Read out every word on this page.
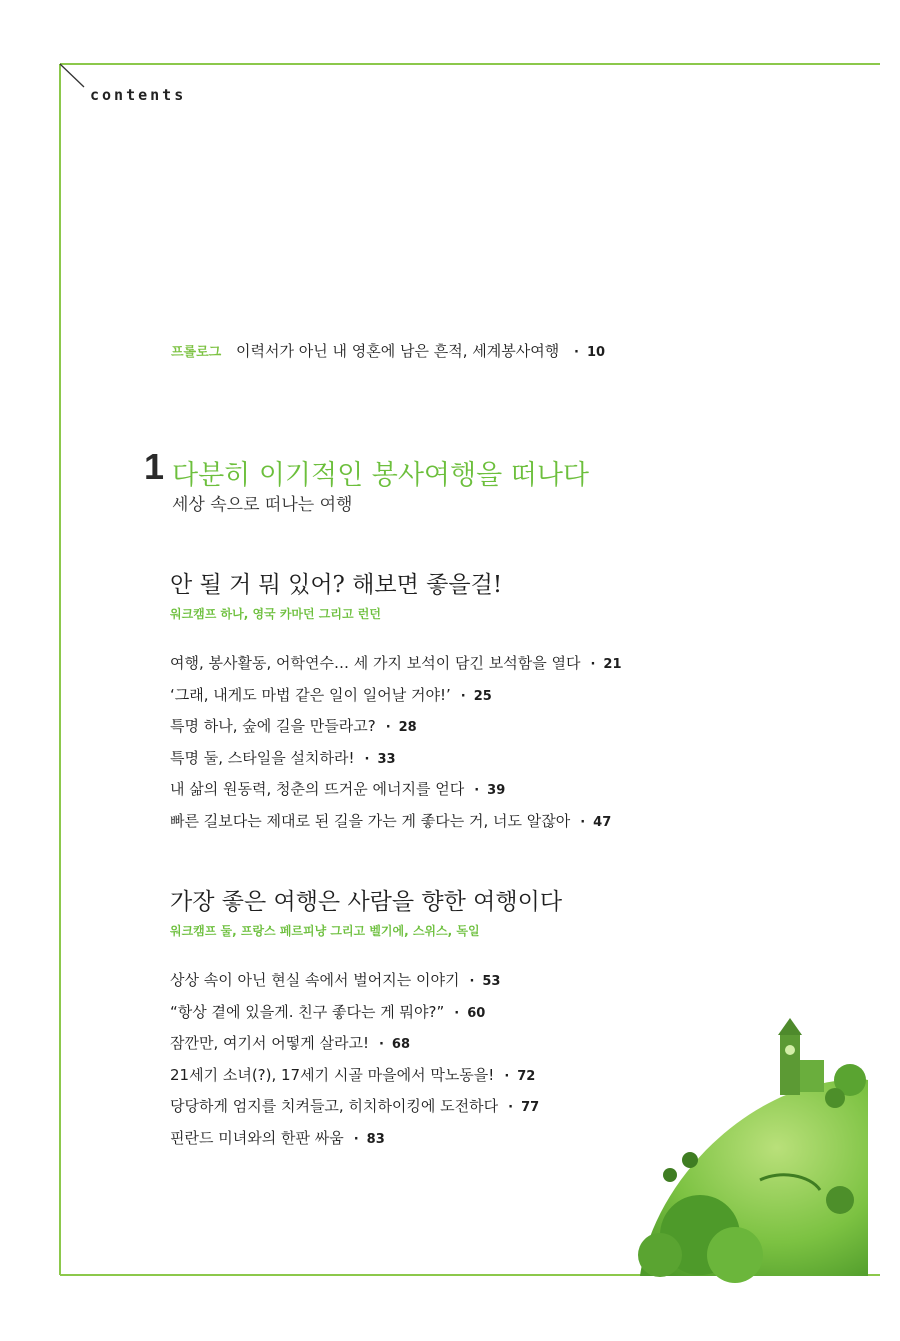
contents
프롤로그 이력서가 아닌 내 영혼에 남은 흔적, 세계봉사여행 · 10
1 다분히 이기적인 봉사여행을 떠나다
세상 속으로 떠나는 여행
안 될 거 뭐 있어? 해보면 좋을걸!
워크캠프 하나, 영국 카마던 그리고 런던
여행, 봉사활동, 어학연수… 세 가지 보석이 담긴 보석함을 열다 · 21
‘그래, 내게도 마법 같은 일이 일어날 거야!’ · 25
특명 하나, 숲에 길을 만들라고? · 28
특명 둘, 스타일을 설치하라! · 33
내 삶의 원동력, 청춘의 뜨거운 에너지를 얻다 · 39
빠른 길보다는 제대로 된 길을 가는 게 좋다는 거, 너도 알잖아 · 47
가장 좋은 여행은 사람을 향한 여행이다
워크캠프 둘, 프랑스 페르피냥 그리고 벨기에, 스위스, 독일
상상 속이 아닌 현실 속에서 벌어지는 이야기 · 53
“항상 곁에 있을게. 친구 좋다는 게 뭐야?” · 60
잠깐만, 여기서 어떻게 살라고! · 68
21세기 소녀(?), 17세기 시골 마을에서 막노동을! · 72
당당하게 엄지를 치켜들고, 히치하이킹에 도전하다 · 77
핀란드 미녀와의 한판 싸움 · 83
